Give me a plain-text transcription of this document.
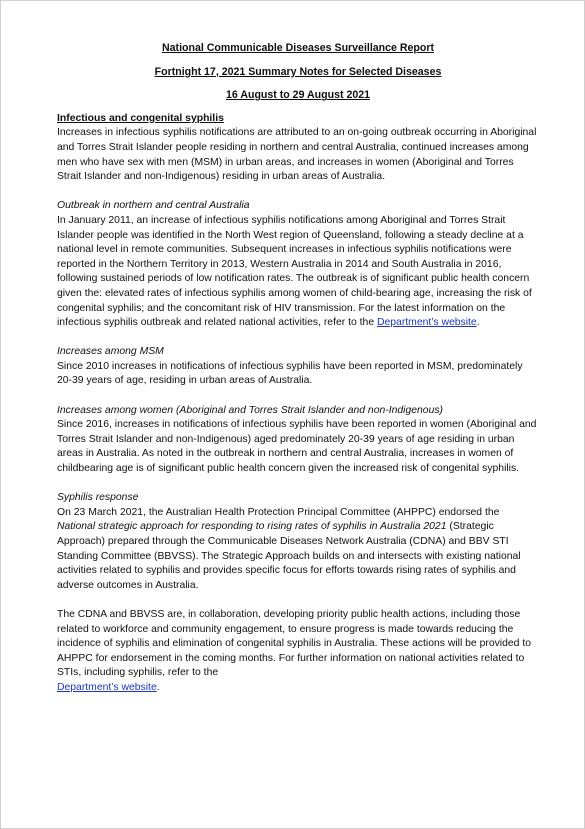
National Communicable Diseases Surveillance Report
Fortnight 17, 2021 Summary Notes for Selected Diseases
16 August to 29 August 2021
Infectious and congenital syphilis

Increases in infectious syphilis notifications are attributed to an on-going outbreak occurring in Aboriginal and Torres Strait Islander people residing in northern and central Australia, continued increases among men who have sex with men (MSM) in urban areas, and increases in women (Aboriginal and Torres Strait Islander and non-Indigenous) residing in urban areas of Australia.

Outbreak in northern and central Australia

In January 2011, an increase of infectious syphilis notifications among Aboriginal and Torres Strait Islander people was identified in the North West region of Queensland, following a steady decline at a national level in remote communities. Subsequent increases in infectious syphilis notifications were reported in the Northern Territory in 2013, Western Australia in 2014 and South Australia in 2016, following sustained periods of low notification rates. The outbreak is of significant public health concern given the: elevated rates of infectious syphilis among women of child-bearing age, increasing the risk of congenital syphilis; and the concomitant risk of HIV transmission. For the latest information on the infectious syphilis outbreak and related national activities, refer to the Department’s website.

Increases among MSM

Since 2010 increases in notifications of infectious syphilis have been reported in MSM, predominately 20-39 years of age, residing in urban areas of Australia.

Increases among women (Aboriginal and Torres Strait Islander and non-Indigenous)

Since 2016, increases in notifications of infectious syphilis have been reported in women (Aboriginal and Torres Strait Islander and non-Indigenous) aged predominately 20-39 years of age residing in urban areas in Australia. As noted in the outbreak in northern and central Australia, increases in women of childbearing age is of significant public health concern given the increased risk of congenital syphilis.

Syphilis response

On 23 March 2021, the Australian Health Protection Principal Committee (AHPPC) endorsed the National strategic approach for responding to rising rates of syphilis in Australia 2021 (Strategic Approach) prepared through the Communicable Diseases Network Australia (CDNA) and BBV STI Standing Committee (BBVSS). The Strategic Approach builds on and intersects with existing national activities related to syphilis and provides specific focus for efforts towards rising rates of syphilis and adverse outcomes in Australia.

The CDNA and BBVSS are, in collaboration, developing priority public health actions, including those related to workforce and community engagement, to ensure progress is made towards reducing the incidence of syphilis and elimination of congenital syphilis in Australia. These actions will be provided to AHPPC for endorsement in the coming months. For further information on national activities related to STIs, including syphilis, refer to the

Department’s website.
